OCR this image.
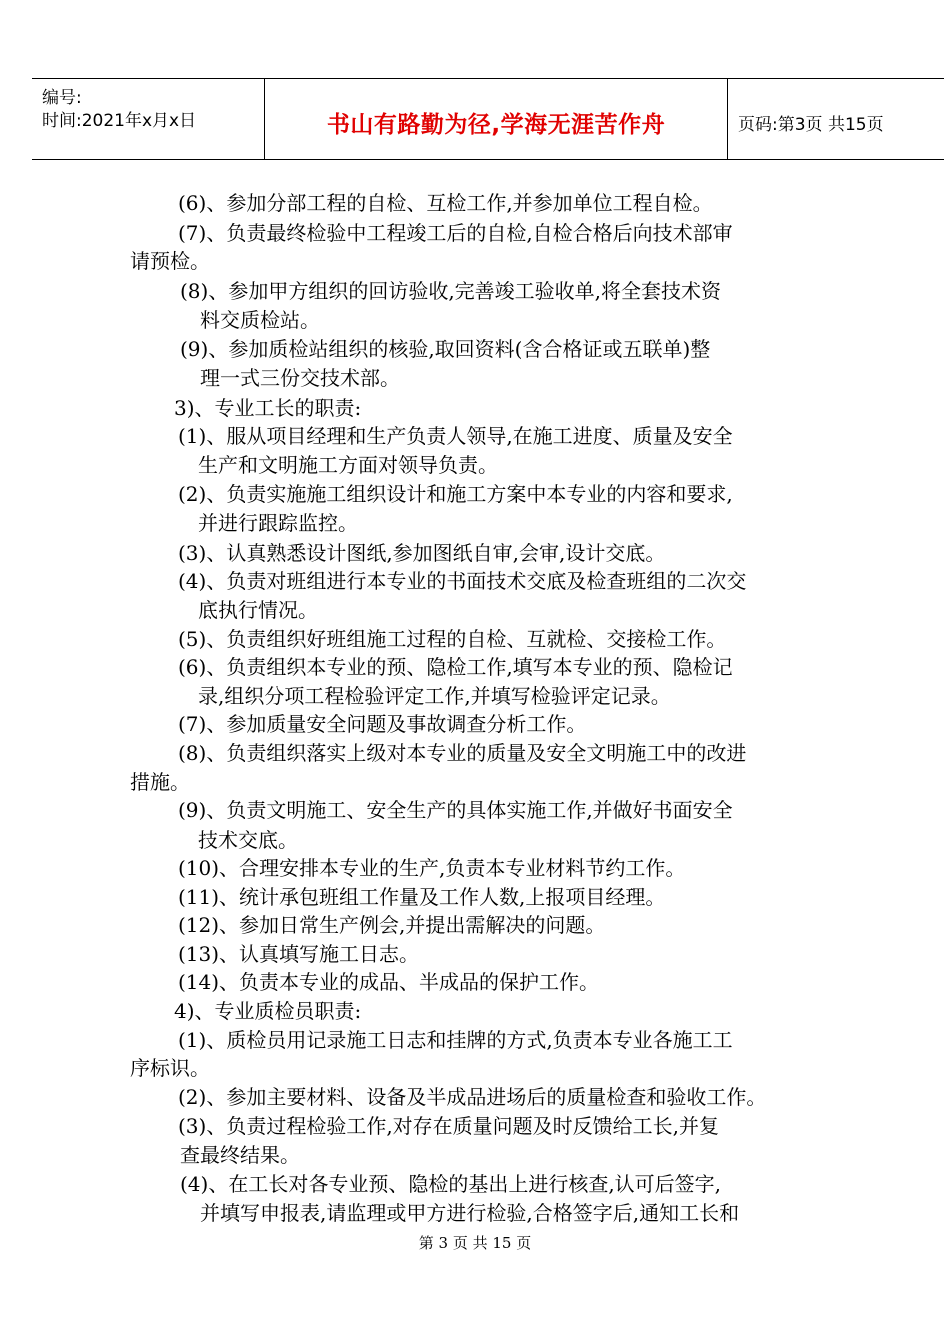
编号:
时间:2021年x月x日	书山有路勤为径,学海无涯苦作舟	页码:第3页 共15页
(6)、参加分部工程的自检、互检工作,并参加单位工程自检。
(7)、负责最终检验中工程竣工后的自检,自检合格后向技术部审
请预检。
(8)、参加甲方组织的回访验收,完善竣工验收单,将全套技术资
料交质检站。
(9)、参加质检站组织的核验,取回资料(含合格证或五联单)整
理一式三份交技术部。
3)、专业工长的职责:
(1)、服从项目经理和生产负责人领导,在施工进度、质量及安全
生产和文明施工方面对领导负责。
(2)、负责实施施工组织设计和施工方案中本专业的内容和要求,
并进行跟踪监控。
(3)、认真熟悉设计图纸,参加图纸自审,会审,设计交底。
(4)、负责对班组进行本专业的书面技术交底及检查班组的二次交
底执行情况。
(5)、负责组织好班组施工过程的自检、互就检、交接检工作。
(6)、负责组织本专业的预、隐检工作,填写本专业的预、隐检记
录,组织分项工程检验评定工作,并填写检验评定记录。
(7)、参加质量安全问题及事故调查分析工作。
(8)、负责组织落实上级对本专业的质量及安全文明施工中的改进
措施。
(9)、负责文明施工、安全生产的具体实施工作,并做好书面安全
技术交底。
(10)、合理安排本专业的生产,负责本专业材料节约工作。
(11)、统计承包班组工作量及工作人数,上报项目经理。
(12)、参加日常生产例会,并提出需解决的问题。
(13)、认真填写施工日志。
(14)、负责本专业的成品、半成品的保护工作。
4)、专业质检员职责:
(1)、质检员用记录施工日志和挂牌的方式,负责本专业各施工工
序标识。
(2)、参加主要材料、设备及半成品进场后的质量检查和验收工作。
(3)、负责过程检验工作,对存在质量问题及时反馈给工长,并复
查最终结果。
(4)、在工长对各专业预、隐检的基出上进行核查,认可后签字,
并填写申报表,请监理或甲方进行检验,合格签字后,通知工长和
第 3 页 共 15 页
